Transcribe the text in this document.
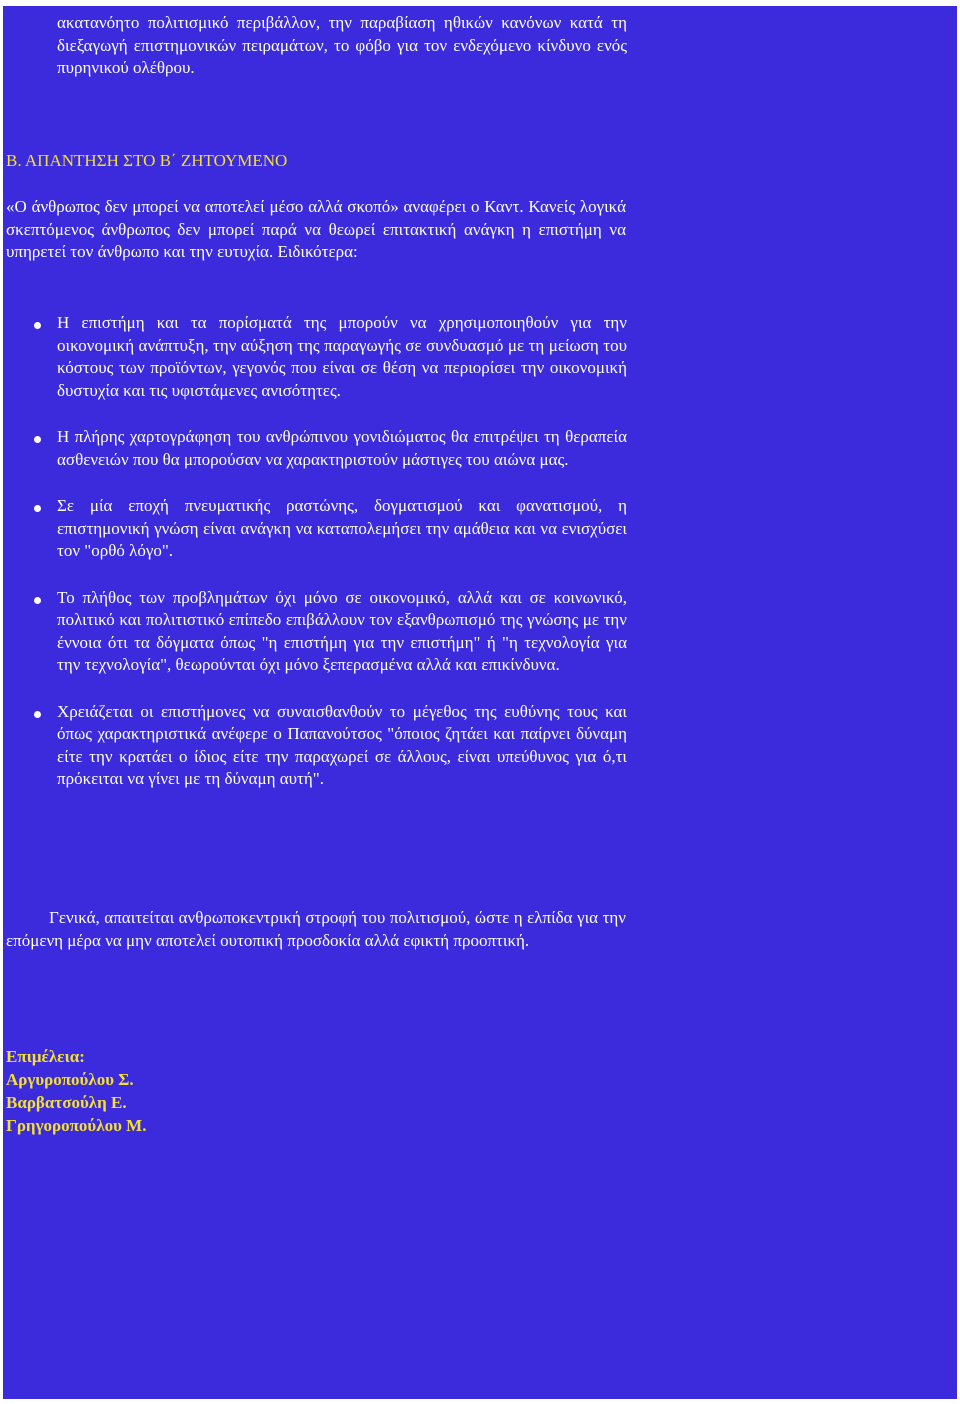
ακατανόητο πολιτισμικό περιβάλλον, την παραβίαση ηθικών κανόνων κατά τη διεξαγωγή επιστημονικών πειραμάτων, το φόβο για τον ενδεχόμενο κίνδυνο ενός πυρηνικού ολέθρου.

Β. ΑΠΑΝΤΗΣΗ ΣΤΟ Β΄ ΖΗΤΟΥΜΕΝΟ

«Ο άνθρωπος δεν μπορεί να αποτελεί μέσο αλλά σκοπό» αναφέρει ο Καντ. Κανείς λογικά σκεπτόμενος άνθρωπος δεν μπορεί παρά να θεωρεί επιτακτική ανάγκη η επιστήμη να υπηρετεί τον άνθρωπο και την ευτυχία. Ειδικότερα:

Η επιστήμη και τα πορίσματά της μπορούν να χρησιμοποιηθούν για την οικονομική ανάπτυξη, την αύξηση της παραγωγής σε συνδυασμό με τη μείωση του κόστους των προϊόντων, γεγονός που είναι σε θέση να περιορίσει την οικονομική δυστυχία και τις υφιστάμενες ανισότητες.
Η πλήρης χαρτογράφηση του ανθρώπινου γονιδιώματος θα επιτρέψει τη θεραπεία ασθενειών που θα μπορούσαν να χαρακτηριστούν μάστιγες του αιώνα μας.
Σε μία εποχή πνευματικής ραστώνης, δογματισμού και φανατισμού, η επιστημονική γνώση είναι ανάγκη να καταπολεμήσει την αμάθεια και να ενισχύσει τον "ορθό λόγο".
Το πλήθος των προβλημάτων όχι μόνο σε οικονομικό, αλλά και σε κοινωνικό, πολιτικό και πολιτιστικό επίπεδο επιβάλλουν τον εξανθρωπισμό της γνώσης με την έννοια ότι τα δόγματα όπως "η επιστήμη για την επιστήμη" ή "η τεχνολογία για την τεχνολογία", θεωρούνται όχι μόνο ξεπερασμένα αλλά και επικίνδυνα.
Χρειάζεται οι επιστήμονες να συναισθανθούν το μέγεθος της ευθύνης τους και όπως χαρακτηριστικά ανέφερε ο Παπανούτσος "όποιος ζητάει και παίρνει δύναμη είτε την κρατάει ο ίδιος είτε την παραχωρεί σε άλλους, είναι υπεύθυνος για ό,τι πρόκειται να γίνει με τη δύναμη αυτή".

Γενικά, απαιτείται ανθρωποκεντρική στροφή του πολιτισμού, ώστε η ελπίδα για την επόμενη μέρα να μην αποτελεί ουτοπική προσδοκία αλλά εφικτή προοπτική.

Επιμέλεια:
Αργυροπούλου Σ.
Βαρβατσούλη Ε.
Γρηγοροπούλου Μ.
